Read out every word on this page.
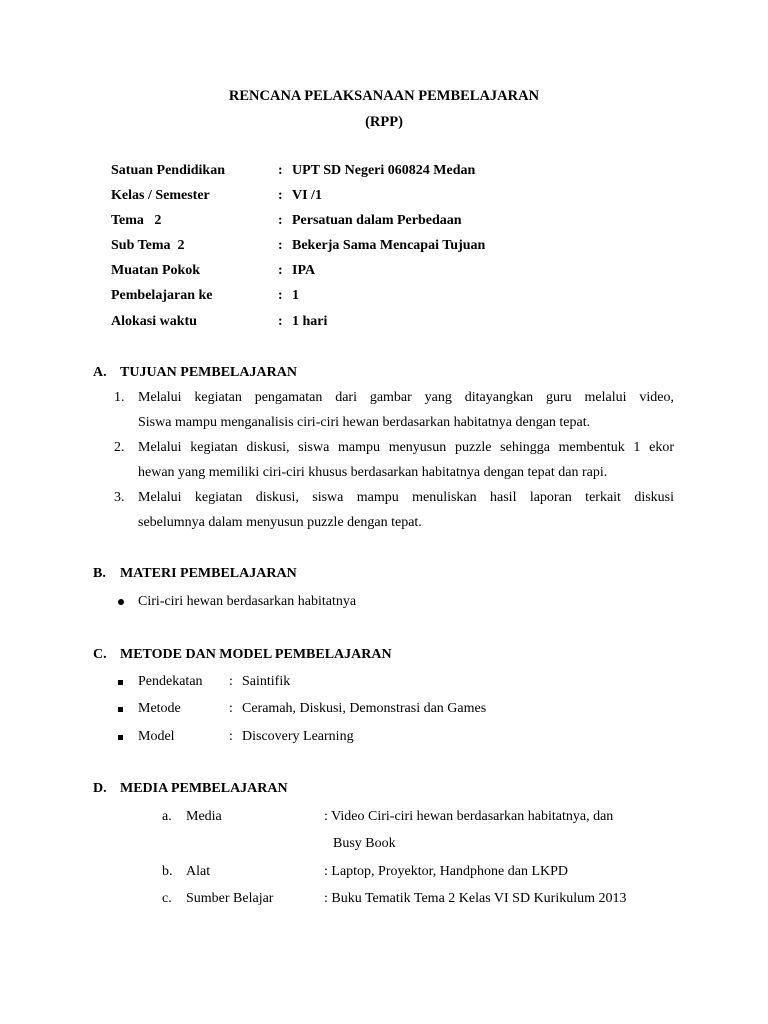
RENCANA PELAKSANAAN PEMBELAJARAN
(RPP)
Satuan Pendidikan	: UPT SD Negeri 060824 Medan
Kelas / Semester	: VI /1
Tema   2	: Persatuan dalam Perbedaan
Sub Tema  2	: Bekerja Sama Mencapai Tujuan
Muatan Pokok	: IPA
Pembelajaran ke	: 1
Alokasi waktu	: 1 hari
A. TUJUAN PEMBELAJARAN
1. Melalui kegiatan pengamatan dari gambar yang ditayangkan guru melalui video,
Siswa mampu menganalisis ciri-ciri hewan berdasarkan habitatnya dengan tepat.
2. Melalui kegiatan diskusi, siswa mampu menyusun puzzle sehingga membentuk 1 ekor
hewan yang memiliki ciri-ciri khusus berdasarkan habitatnya dengan tepat dan rapi.
3. Melalui kegiatan diskusi, siswa mampu menuliskan hasil laporan terkait diskusi
sebelumnya dalam menyusun puzzle dengan tepat.
B. MATERI PEMBELAJARAN
Ciri-ciri hewan berdasarkan habitatnya
C. METODE DAN MODEL PEMBELAJARAN
Pendekatan : Saintifik
Metode	: Ceramah, Diskusi, Demonstrasi dan Games
Model	: Discovery Learning
D. MEDIA PEMBELAJARAN
a. Media	: Video Ciri-ciri hewan berdasarkan habitatnya, dan
Busy Book
b. Alat	: Laptop, Proyektor, Handphone dan LKPD
c. Sumber Belajar	: Buku Tematik Tema 2 Kelas VI SD Kurikulum 2013
